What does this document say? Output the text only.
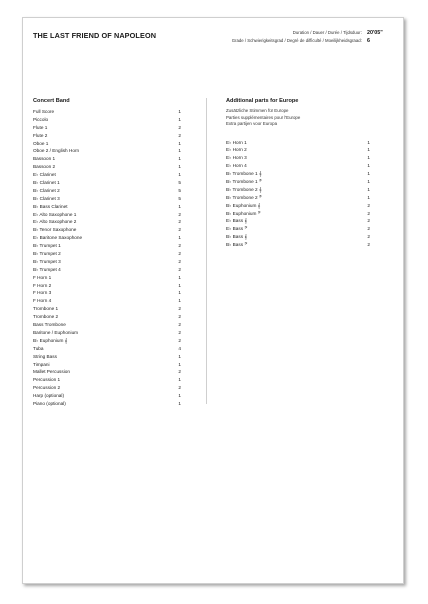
THE LAST FRIEND OF NAPOLEON	Duration / Dauer / Durée / Tijdsduur: 20'05"
Grade / Schwierigkeitsgrad / Degré de difficulté / Moeilijkheidsgraad: 6
Concert Band
Full Score	1
Piccolo	1
Flute 1	2
Flute 2	2
Oboe 1	1
Oboe 2 / English Horn	1
Bassoon 1	1
Bassoon 2	1
E♭ Clarinet	1
B♭ Clarinet 1	5
B♭ Clarinet 2	5
B♭ Clarinet 3	5
B♭ Bass Clarinet	1
E♭ Alto Saxophone 1	2
E♭ Alto Saxophone 2	2
B♭ Tenor Saxophone	2
E♭ Baritone Saxophone	1
B♭ Trumpet 1	2
B♭ Trumpet 2	2
B♭ Trumpet 3	2
B♭ Trumpet 4	2
F Horn 1	1
F Horn 2	1
F Horn 3	1
F Horn 4	1
Trombone 1	2
Trombone 2	2
Bass Trombone	2
Baritone / Euphonium	2
B♭ Euphonium 𝄞	2
Tuba	4
String Bass	1
Timpani	1
Mallet Percussion	2
Percussion 1	1
Percussion 2	2
Harp (optional)	1
Piano (optional)	1
Additional parts for Europe
Zusätzliche Stimmen für Europe
Parties supplémentaires pour l'Europe
Extra partijen voor Europa
E♭ Horn 1	1
E♭ Horn 2	1
E♭ Horn 3	1
E♭ Horn 4	1
B♭ Trombone 1 𝄞	1
B♭ Trombone 1 𝄢	1
B♭ Trombone 2 𝄞	1
B♭ Trombone 2 𝄢	1
B♭ Euphonium 𝄞	2
B♭ Euphonium 𝄢	2
E♭ Bass 𝄞	2
E♭ Bass 𝄢	2
B♭ Bass 𝄞	2
B♭ Bass 𝄢	2
